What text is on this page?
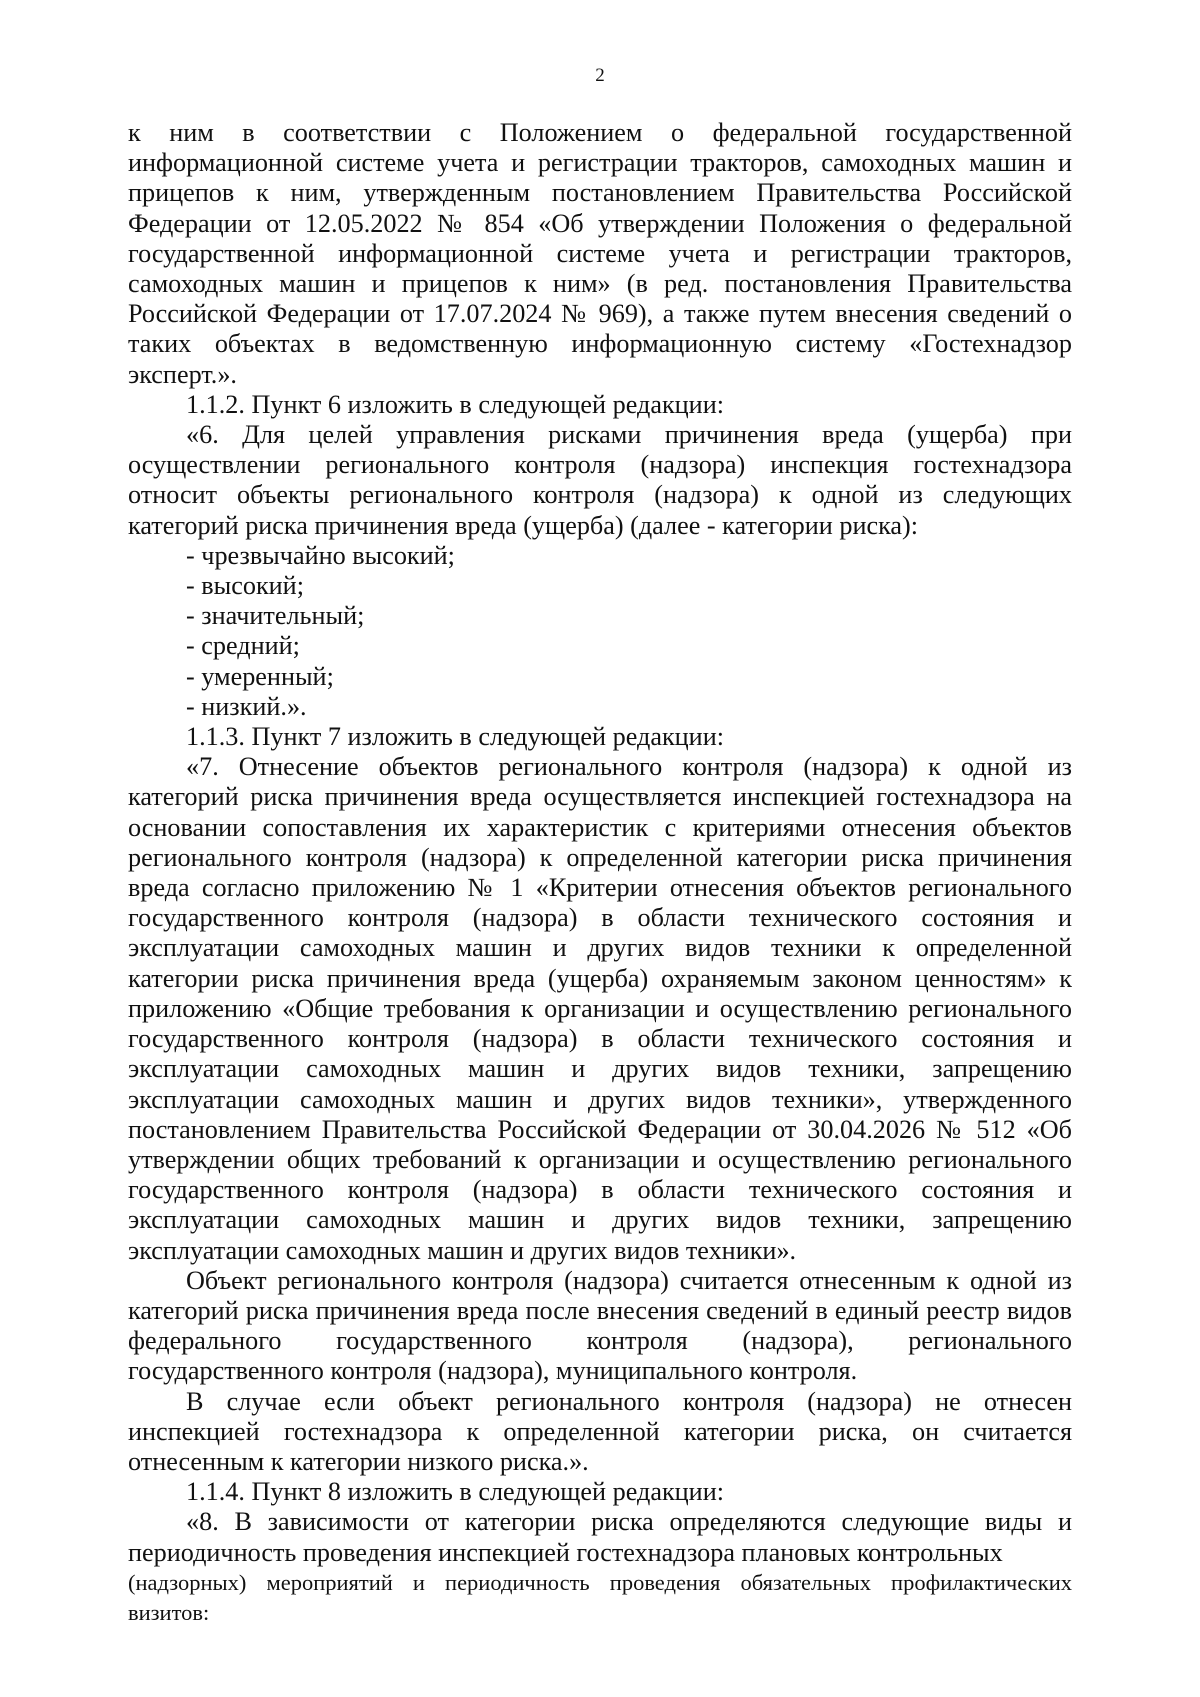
2

к ним в соответствии с Положением о федеральной государственной информационной системе учета и регистрации тракторов, самоходных машин и прицепов к ним, утвержденным постановлением Правительства Российской Федерации от 12.05.2022 № 854 «Об утверждении Положения о федеральной государственной информационной системе учета и регистрации тракторов, самоходных машин и прицепов к ним» (в ред. постановления Правительства Российской Федерации от 17.07.2024 № 969), а также путем внесения сведений о таких объектах в ведомственную информационную систему «Гостехнадзор эксперт.».

1.1.2. Пункт 6 изложить в следующей редакции:

«6. Для целей управления рисками причинения вреда (ущерба) при осуществлении регионального контроля (надзора) инспекция гостехнадзора относит объекты регионального контроля (надзора) к одной из следующих категорий риска причинения вреда (ущерба) (далее - категории риска):

- чрезвычайно высокий;

- высокий;

- значительный;

- средний;

- умеренный;

- низкий.».

1.1.3. Пункт 7 изложить в следующей редакции:

«7. Отнесение объектов регионального контроля (надзора) к одной из категорий риска причинения вреда осуществляется инспекцией гостехнадзора на основании сопоставления их характеристик с критериями отнесения объектов регионального контроля (надзора) к определенной категории риска причинения вреда согласно приложению № 1 «Критерии отнесения объектов регионального государственного контроля (надзора) в области технического состояния и эксплуатации самоходных машин и других видов техники к определенной категории риска причинения вреда (ущерба) охраняемым законом ценностям» к приложению «Общие требования к организации и осуществлению регионального государственного контроля (надзора) в области технического состояния и эксплуатации самоходных машин и других видов техники, запрещению эксплуатации самоходных машин и других видов техники», утвержденного постановлением Правительства Российской Федерации от 30.04.2026 № 512 «Об утверждении общих требований к организации и осуществлению регионального государственного контроля (надзора) в области технического состояния и эксплуатации самоходных машин и других видов техники, запрещению эксплуатации самоходных машин и других видов техники».

Объект регионального контроля (надзора) считается отнесенным к одной из категорий риска причинения вреда после внесения сведений в единый реестр видов федерального государственного контроля (надзора), регионального государственного контроля (надзора), муниципального контроля.

В случае если объект регионального контроля (надзора) не отнесен инспекцией гостехнадзора к определенной категории риска, он считается отнесенным к категории низкого риска.».

1.1.4. Пункт 8 изложить в следующей редакции:

«8. В зависимости от категории риска определяются следующие виды и периодичность проведения инспекцией гостехнадзора плановых контрольных

(надзорных) мероприятий и периодичность проведения обязательных профилактических визитов:
